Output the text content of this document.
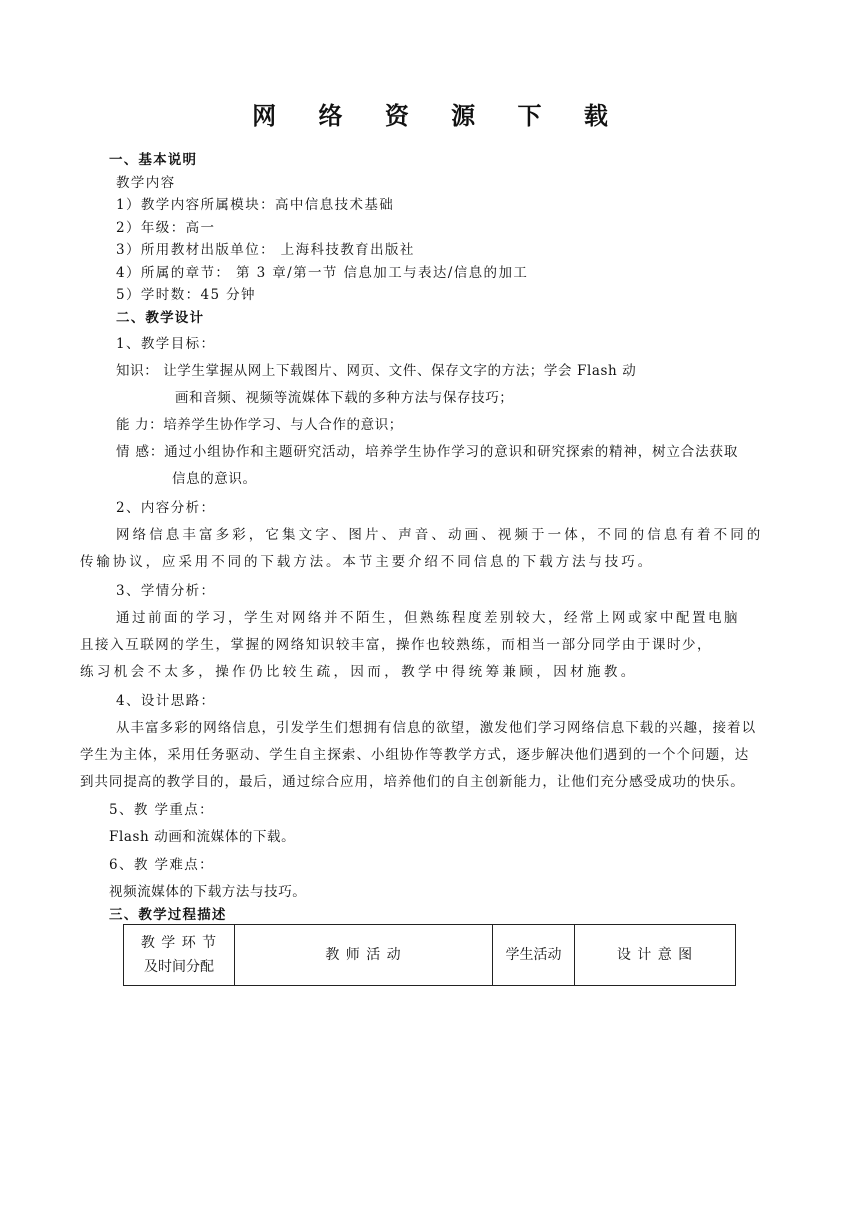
网 络 资 源 下 载
一、基本说明
教学内容
1）教学内容所属模块：高中信息技术基础
2）年级：高一
3）所用教材出版单位： 上海科技教育出版社
4）所属的章节： 第 3 章/第一节 信息加工与表达/信息的加工
5）学时数：45 分钟
二、教学设计
1、教学目标：
知识： 让学生掌握从网上下载图片、网页、文件、保存文字的方法；学会 Flash 动
画和音频、视频等流媒体下载的多种方法与保存技巧；
能 力：培养学生协作学习、与人合作的意识；
情 感：通过小组协作和主题研究活动，培养学生协作学习的意识和研究探索的精神，树立合法获取
信息的意识。
2、内容分析：
网络信息丰富多彩，它集文字、图片、声音、动画、视频于一体，不同的信息有着不同的
传输协议，应采用不同的下载方法。本节主要介绍不同信息的下载方法与技巧。
3、学情分析：
通过前面的学习，学生对网络并不陌生，但熟练程度差别较大，经常上网或家中配置电脑
且接入互联网的学生，掌握的网络知识较丰富，操作也较熟练，而相当一部分同学由于课时少，
练习机会不太多，操作仍比较生疏，因而，教学中得统筹兼顾，因材施教。
4、设计思路：
从丰富多彩的网络信息，引发学生们想拥有信息的欲望，激发他们学习网络信息下载的兴趣，接着以
学生为主体，采用任务驱动、学生自主探索、小组协作等教学方式，逐步解决他们遇到的一个个问题，达
到共同提高的教学目的，最后，通过综合应用，培养他们的自主创新能力，让他们充分感受成功的快乐。
5、教 学重点：
Flash 动画和流媒体的下载。
6、教 学难点：
视频流媒体的下载方法与技巧。
三、教学过程描述
教 学 环 节
及时间分配
	教 师 活 动	学生活动	设 计 意 图
